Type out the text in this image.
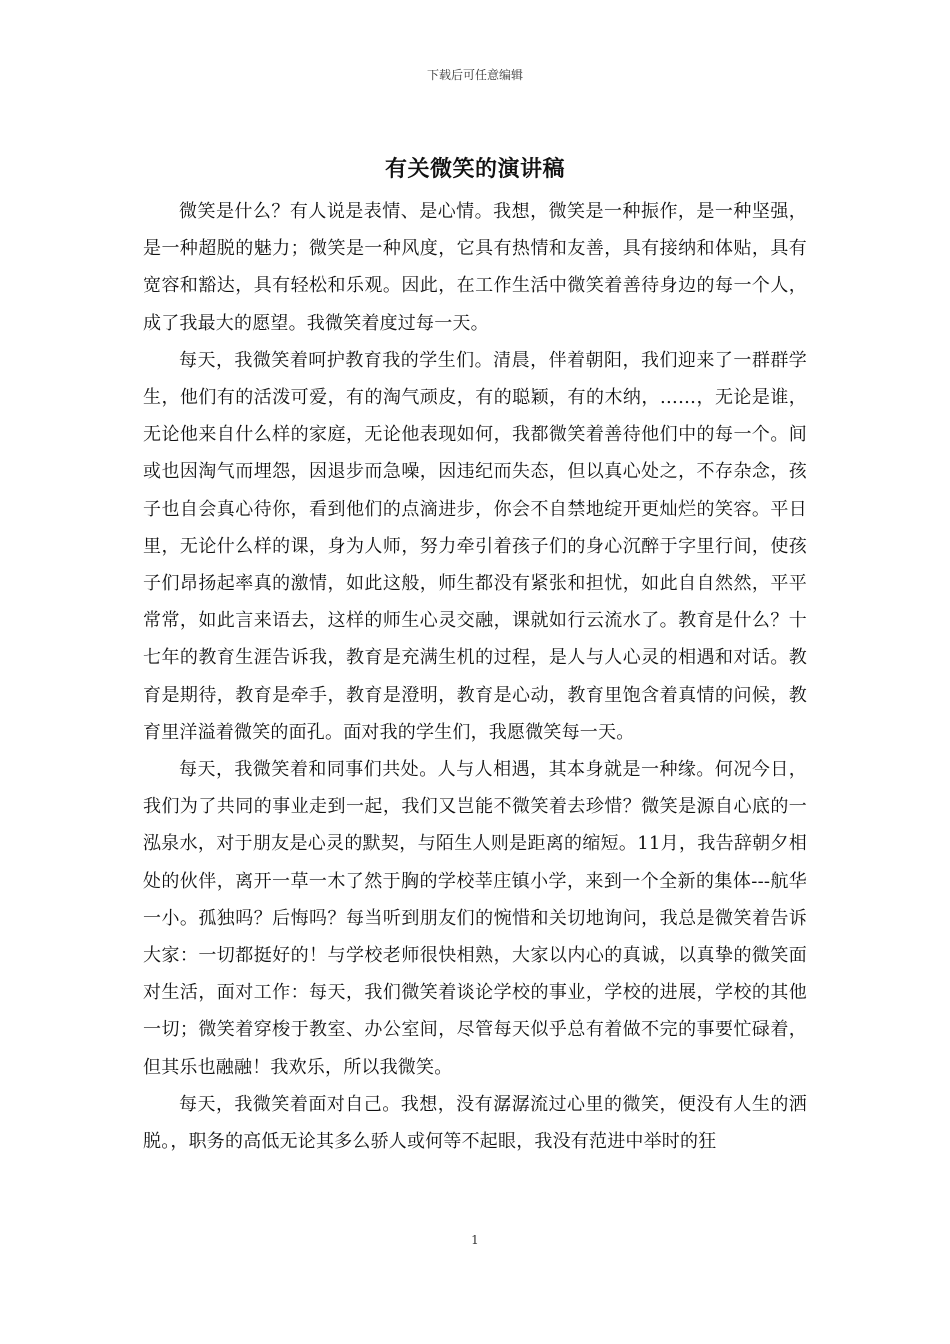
下载后可任意编辑
有关微笑的演讲稿

微笑是什么？有人说是表情、是心情。我想，微笑是一种振作，是一种坚强，是一种超脱的魅力；微笑是一种风度，它具有热情和友善，具有接纳和体贴，具有宽容和豁达，具有轻松和乐观。因此，在工作生活中微笑着善待身边的每一个人，成了我最大的愿望。我微笑着度过每一天。

每天，我微笑着呵护教育我的学生们。清晨，伴着朝阳，我们迎来了一群群学生，他们有的活泼可爱，有的淘气顽皮，有的聪颖，有的木纳，……，无论是谁，无论他来自什么样的家庭，无论他表现如何，我都微笑着善待他们中的每一个。间或也因淘气而埋怨，因退步而急噪，因违纪而失态，但以真心处之，不存杂念，孩子也自会真心待你，看到他们的点滴进步，你会不自禁地绽开更灿烂的笑容。平日里，无论什么样的课，身为人师，努力牵引着孩子们的身心沉醉于字里行间，使孩子们昂扬起率真的激情，如此这般，师生都没有紧张和担忧，如此自自然然，平平常常，如此言来语去，这样的师生心灵交融，课就如行云流水了。教育是什么？十七年的教育生涯告诉我，教育是充满生机的过程，是人与人心灵的相遇和对话。教育是期待，教育是牵手，教育是澄明，教育是心动，教育里饱含着真情的问候，教育里洋溢着微笑的面孔。面对我的学生们，我愿微笑每一天。

每天，我微笑着和同事们共处。人与人相遇，其本身就是一种缘。何况今日，我们为了共同的事业走到一起，我们又岂能不微笑着去珍惜？微笑是源自心底的一泓泉水，对于朋友是心灵的默契，与陌生人则是距离的缩短。11月，我告辞朝夕相处的伙伴，离开一草一木了然于胸的学校莘庄镇小学，来到一个全新的集体---航华一小。孤独吗？后悔吗？每当听到朋友们的惋惜和关切地询问，我总是微笑着告诉大家：一切都挺好的！与学校老师很快相熟，大家以内心的真诚，以真挚的微笑面对生活，面对工作：每天，我们微笑着谈论学校的事业，学校的进展，学校的其他一切；微笑着穿梭于教室、办公室间，尽管每天似乎总有着做不完的事要忙碌着，但其乐也融融！我欢乐，所以我微笑。

每天，我微笑着面对自己。我想，没有潺潺流过心里的微笑，便没有人生的洒脱。，职务的高低无论其多么骄人或何等不起眼，我没有范进中举时的狂

1
